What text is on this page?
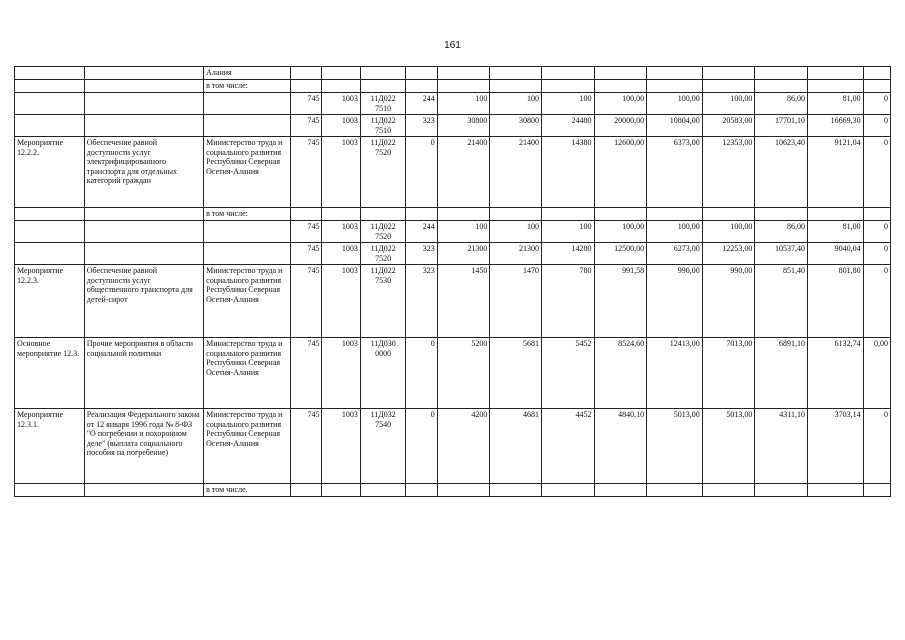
161
		Алания													
		в том числе:													
			745	1003	11Д022 7510	244	100	100	100	100,00	100,00	100,00	86,00	81,00	0
			745	1003	11Д022 7510	323	30800	30800	24480	20000,00	10804,00	20583,00	17701,10	16669,30	0
Мероприятие 12.2.2.	Обеспечение равной доступности услуг электрифицированного транспорта для отдельных категорий граждан	Министерство труда и социального развития Республики Северная Осетия-Алания	745	1003	11Д022 7520	0	21400	21400	14380	12600,00	6373,00	12353,00	10623,40	9121,04	0
		в том числе:													
			745	1003	11Д022 7520	244	100	100	100	100,00	100,00	100,00	86,00	81,00	0
			745	1003	11Д022 7520	323	21300	21300	14280	12500,00	6273,00	12253,00	10537,40	9040,04	0
Мероприятие 12.2.3.	Обеспечение равной доступности услуг общественного транспорта для детей-сирот	Министерство труда и социального развития Республики Северная Осетия-Алания	745	1003	11Д022 7530	323	1450	1470	780	991,58	990,00	990,00	851,40	801,80	0
Основное мероприятие 12.3.	Прочие мероприятия в области социальной политики	Министерство труда и социального развития Республики Северная Осетия-Алания	745	1003	11Д030 0000	0	5200	5681	5452	8524,60	12413,00	7013,00	6891,10	6132,74	0,00
Мероприятие 12.3.1.	Реализация Федерального закона от 12 января 1996 года № 8-ФЗ "О погребении и похоронном деле" (выплата социального пособия на погребение)	Министерство труда и социального развития Республики Северная Осетия-Алания	745	1003	11Д032 7540	0	4200	4681	4452	4840,10	5013,00	5013,00	4311,10	3703,14	0
		в том числе.													
